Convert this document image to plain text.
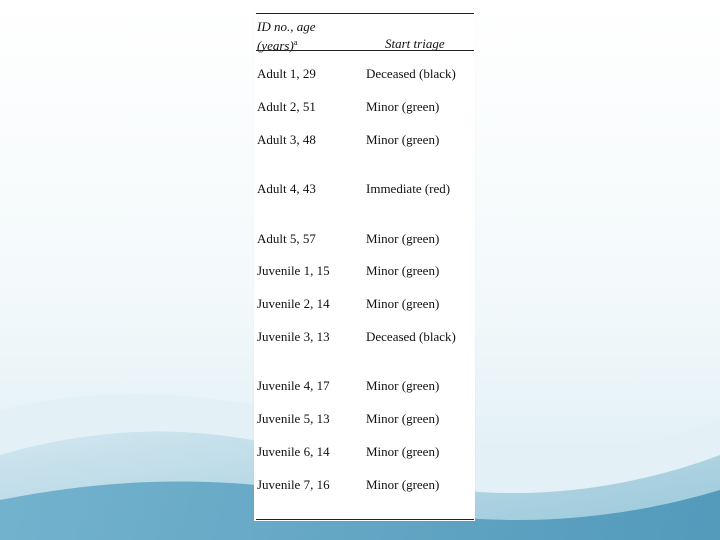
ID no., age
(years)$^a$	Start triage
Adult 1, 29	Deceased (black)
Adult 2, 51	Minor (green)
Adult 3, 48	Minor (green)
Adult 4, 43	Immediate (red)
Adult 5, 57	Minor (green)
Juvenile 1, 15	Minor (green)
Juvenile 2, 14	Minor (green)
Juvenile 3, 13	Deceased (black)
Juvenile 4, 17	Minor (green)
Juvenile 5, 13	Minor (green)
Juvenile 6, 14	Minor (green)
Juvenile 7, 16	Minor (green)
